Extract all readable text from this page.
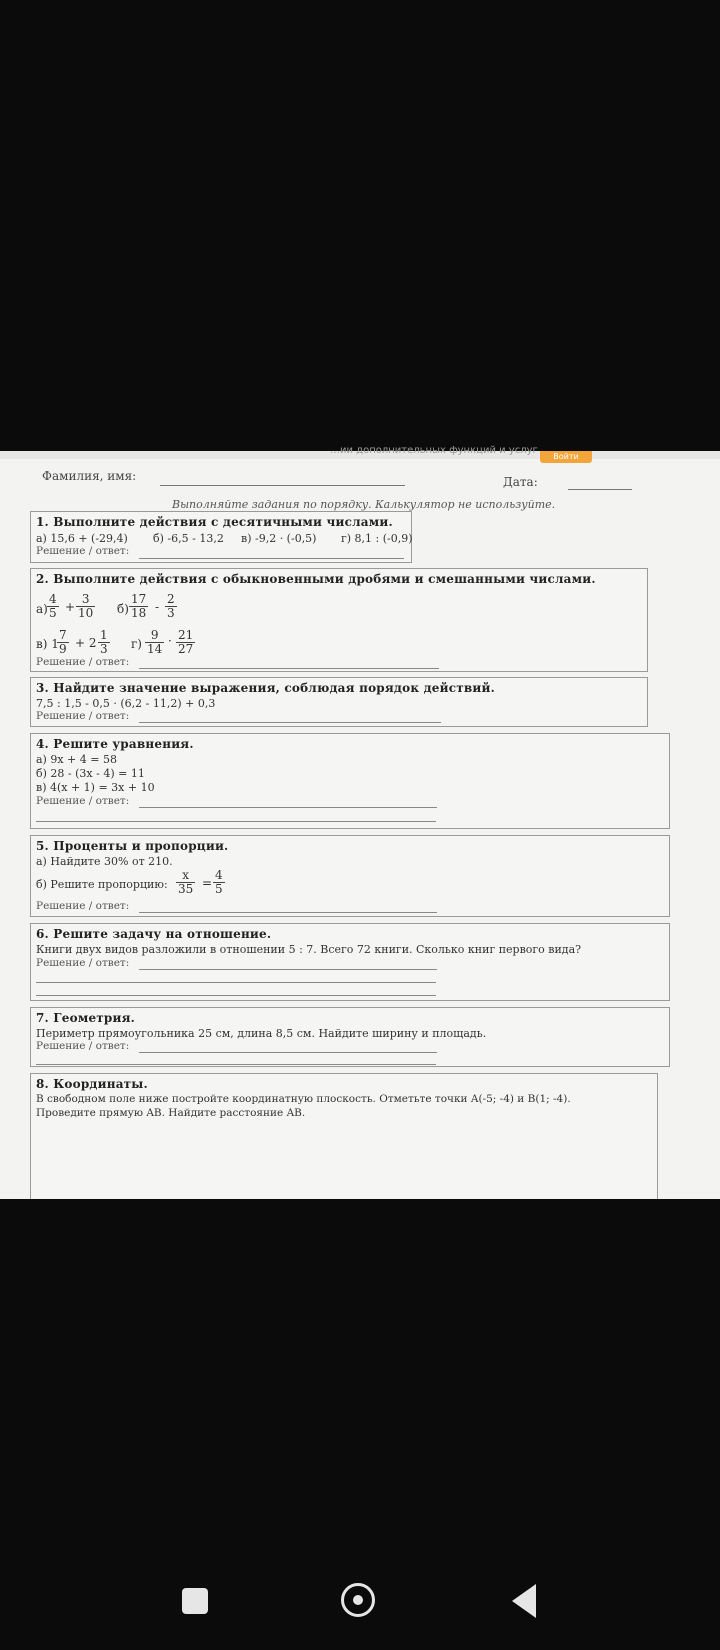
…ии дополнительных функций и услуг
Войти
Фамилия, имя:	Дата:
Выполняйте задания по порядку. Калькулятор не используйте.
1. Выполните действия с десятичными числами.
а) 15,6 + (-29,4) б) -6,5 - 13,2 в) -9,2 · (-0,5) г) 8,1 : (-0,9)
Решение / ответ:
2. Выполните действия с обыкновенными дробями и смешанными числами.
$а) \frac{4}{5} + \frac{3}{10} б) \frac{17}{18} - \frac{2}{3}$
в) 1
$\frac{7}{9} + 2 \frac{1}{3} г) \frac{9}{14} \cdot \frac{21}{27}$
Решение / ответ:
3. Найдите значение выражения, соблюдая порядок действий.
7,5 : 1,5 - 0,5 · (6,2 - 11,2) + 0,3
Решение / ответ:
4. Решите уравнения.
а) 9x + 4 = 58
б) 28 - (3x - 4) = 11
в) 4(x + 1) = 3x + 10
Решение / ответ:
5. Проценты и пропорции.
а) Найдите 30% от 210.
б) Решите пропорцию: $\frac{x}{35} = \frac{4}{5}$
Решение / ответ:
6. Решите задачу на отношение.
Книги двух видов разложили в отношении 5 : 7. Всего 72 книги. Сколько книг первого вида?
Решение / ответ:
7. Геометрия.
Периметр прямоугольника 25 см, длина 8,5 см. Найдите ширину и площадь.
Решение / ответ:
8. Координаты.
В свободном поле ниже постройте координатную плоскость. Отметьте точки A(-5; -4) и B(1; -4).
Проведите прямую AB. Найдите расстояние AB.
